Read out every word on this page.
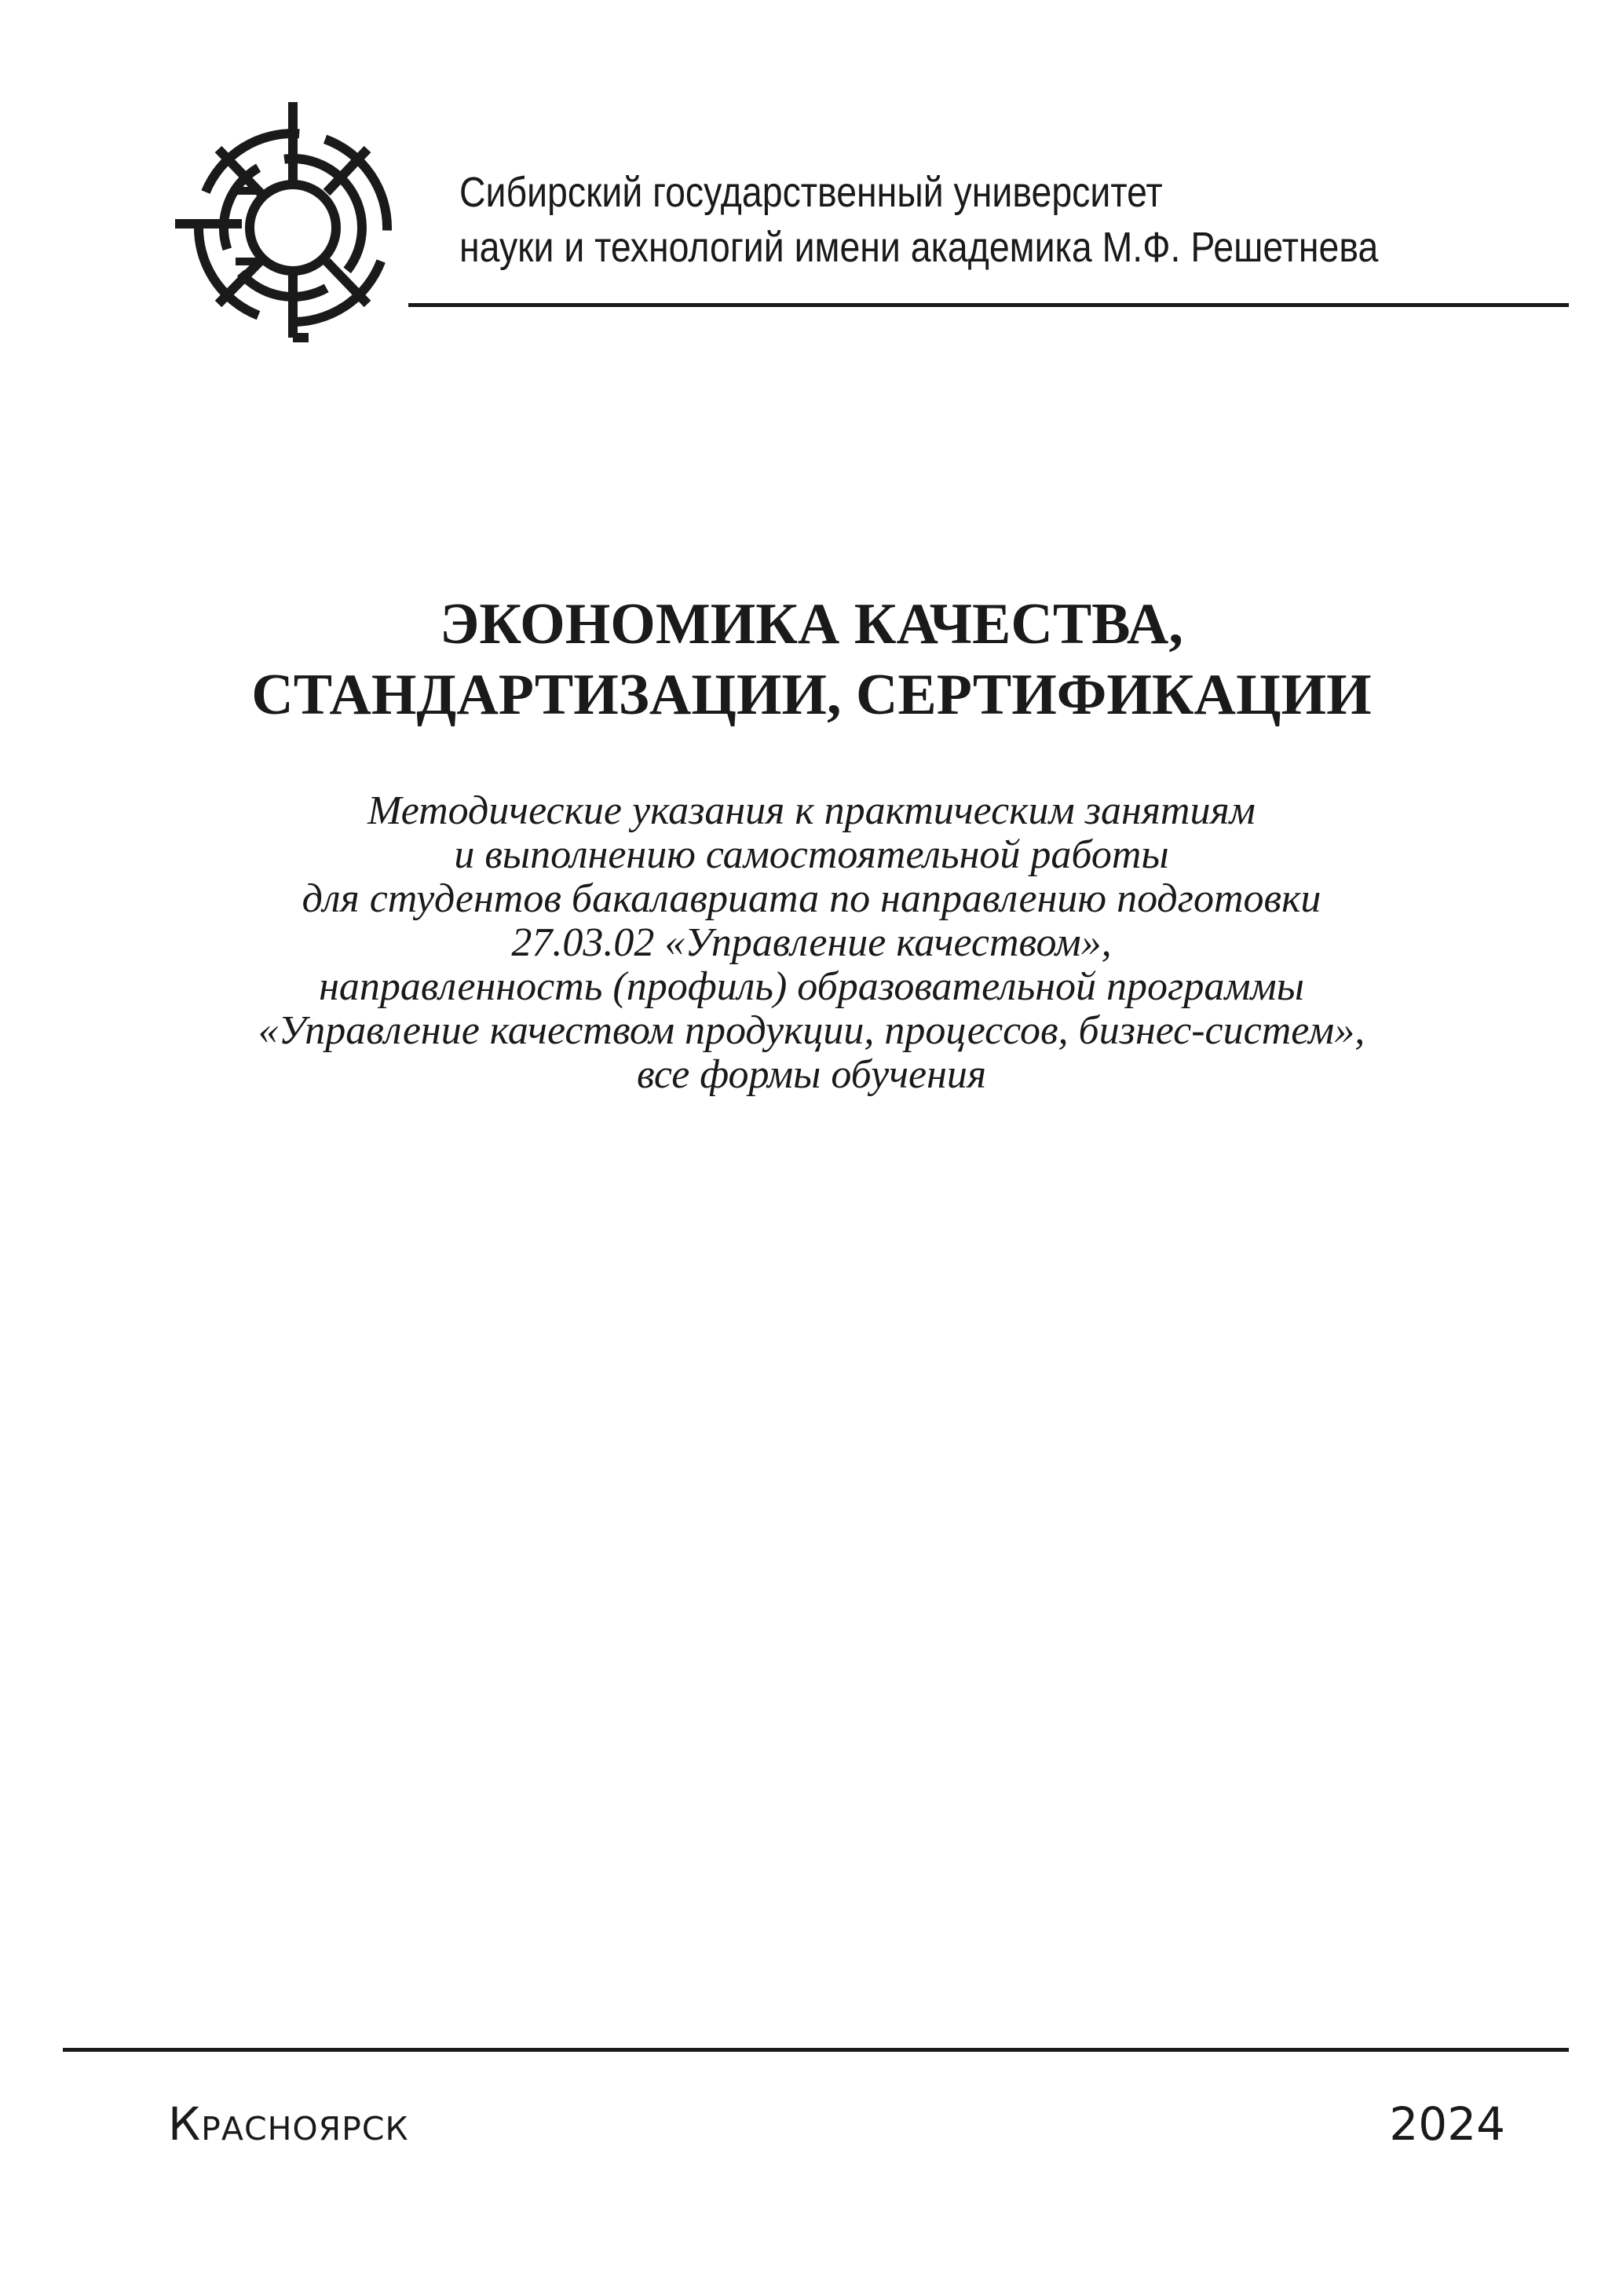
Сибирский государственный университет
науки и технологий имени академика М.Ф. Решетнева
ЭКОНОМИКА КАЧЕСТВА,
СТАНДАРТИЗАЦИИ, СЕРТИФИКАЦИИ
Методические указания к практическим занятиям
и выполнению самостоятельной работы
для студентов бакалавриата по направлению подготовки
27.03.02 «Управление качеством»,
направленность (профиль) образовательной программы
«Управление качеством продукции, процессов, бизнес-систем»,
все формы обучения
Красноярск	2024
